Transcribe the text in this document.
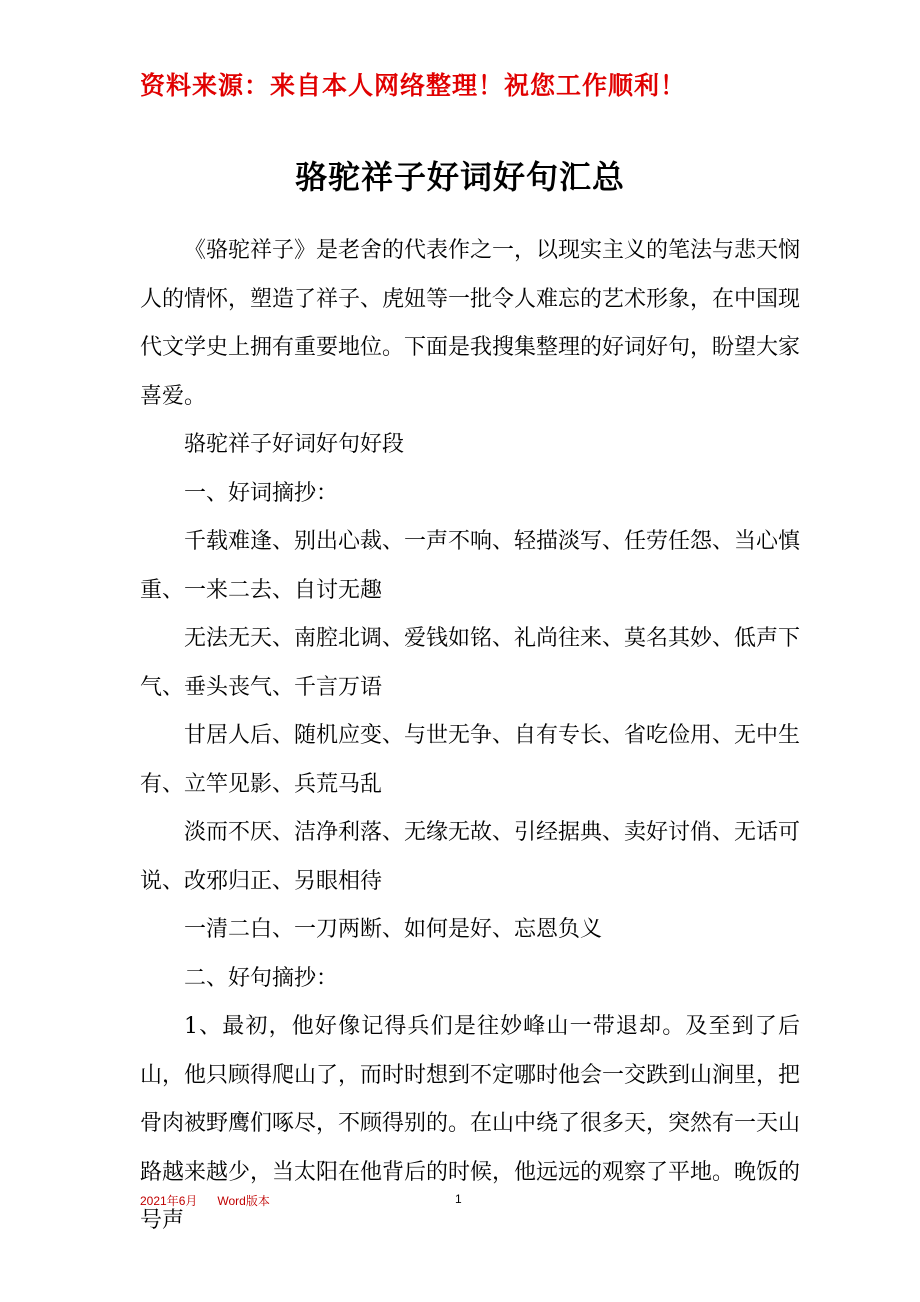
资料来源：来自本人网络整理！祝您工作顺利！
骆驼祥子好词好句汇总

《骆驼祥子》是老舍的代表作之一，以现实主义的笔法与悲天悯人的情怀，塑造了祥子、虎妞等一批令人难忘的艺术形象，在中国现代文学史上拥有重要地位。下面是我搜集整理的好词好句，盼望大家喜爱。

骆驼祥子好词好句好段

一、好词摘抄：

千载难逢、别出心裁、一声不响、轻描淡写、任劳任怨、当心慎重、一来二去、自讨无趣

无法无天、南腔北调、爱钱如铭、礼尚往来、莫名其妙、低声下气、垂头丧气、千言万语

甘居人后、随机应变、与世无争、自有专长、省吃俭用、无中生有、立竿见影、兵荒马乱

淡而不厌、洁净利落、无缘无故、引经据典、卖好讨俏、无话可说、改邪归正、另眼相待

一清二白、一刀两断、如何是好、忘恩负义

二、好句摘抄：

1、最初，他好像记得兵们是往妙峰山一带退却。及至到了后山，他只顾得爬山了，而时时想到不定哪时他会一交跌到山涧里，把骨肉被野鹰们啄尽，不顾得别的。在山中绕了很多天，突然有一天山路越来越少，当太阳在他背后的时候，他远远的观察了平地。晚饭的号声

2021年6月 Word版本	1
